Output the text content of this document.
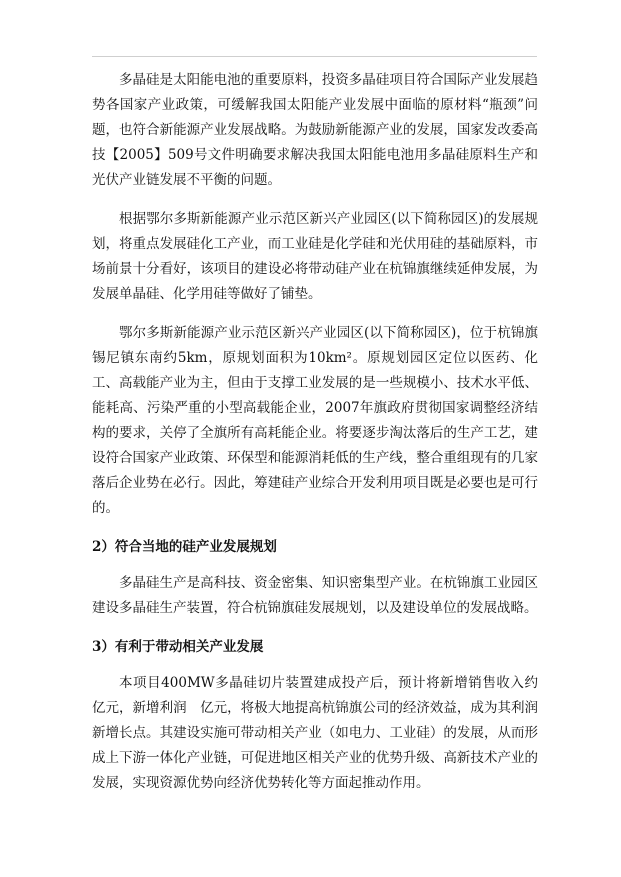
多晶硅是太阳能电池的重要原料，投资多晶硅项目符合国际产业发展趋势各国家产业政策，可缓解我国太阳能产业发展中面临的原材料“瓶颈”问题，也符合新能源产业发展战略。为鼓励新能源产业的发展，国家发改委高技【2005】509号文件明确要求解决我国太阳能电池用多晶硅原料生产和光伏产业链发展不平衡的问题。

根据鄂尔多斯新能源产业示范区新兴产业园区(以下简称园区)的发展规划，将重点发展硅化工产业，而工业硅是化学硅和光伏用硅的基础原料，市场前景十分看好，该项目的建设必将带动硅产业在杭锦旗继续延伸发展，为发展单晶硅、化学用硅等做好了铺垫。

鄂尔多斯新能源产业示范区新兴产业园区(以下简称园区)，位于杭锦旗锡尼镇东南约5km，原规划面积为10km²。原规划园区定位以医药、化工、高载能产业为主，但由于支撑工业发展的是一些规模小、技术水平低、能耗高、污染严重的小型高载能企业，2007年旗政府贯彻国家调整经济结构的要求，关停了全旗所有高耗能企业。将要逐步淘汰落后的生产工艺，建设符合国家产业政策、环保型和能源消耗低的生产线，整合重组现有的几家落后企业势在必行。因此，筹建硅产业综合开发利用项目既是必要也是可行的。

2）符合当地的硅产业发展规划

多晶硅生产是高科技、资金密集、知识密集型产业。在杭锦旗工业园区建设多晶硅生产装置，符合杭锦旗硅发展规划，以及建设单位的发展战略。

3）有利于带动相关产业发展

本项目400MW多晶硅切片装置建成投产后，预计将新增销售收入约　亿元，新增利润　亿元，将极大地提高杭锦旗公司的经济效益，成为其利润新增长点。其建设实施可带动相关产业（如电力、工业硅）的发展，从而形成上下游一体化产业链，可促进地区相关产业的优势升级、高新技术产业的发展，实现资源优势向经济优势转化等方面起推动作用。
